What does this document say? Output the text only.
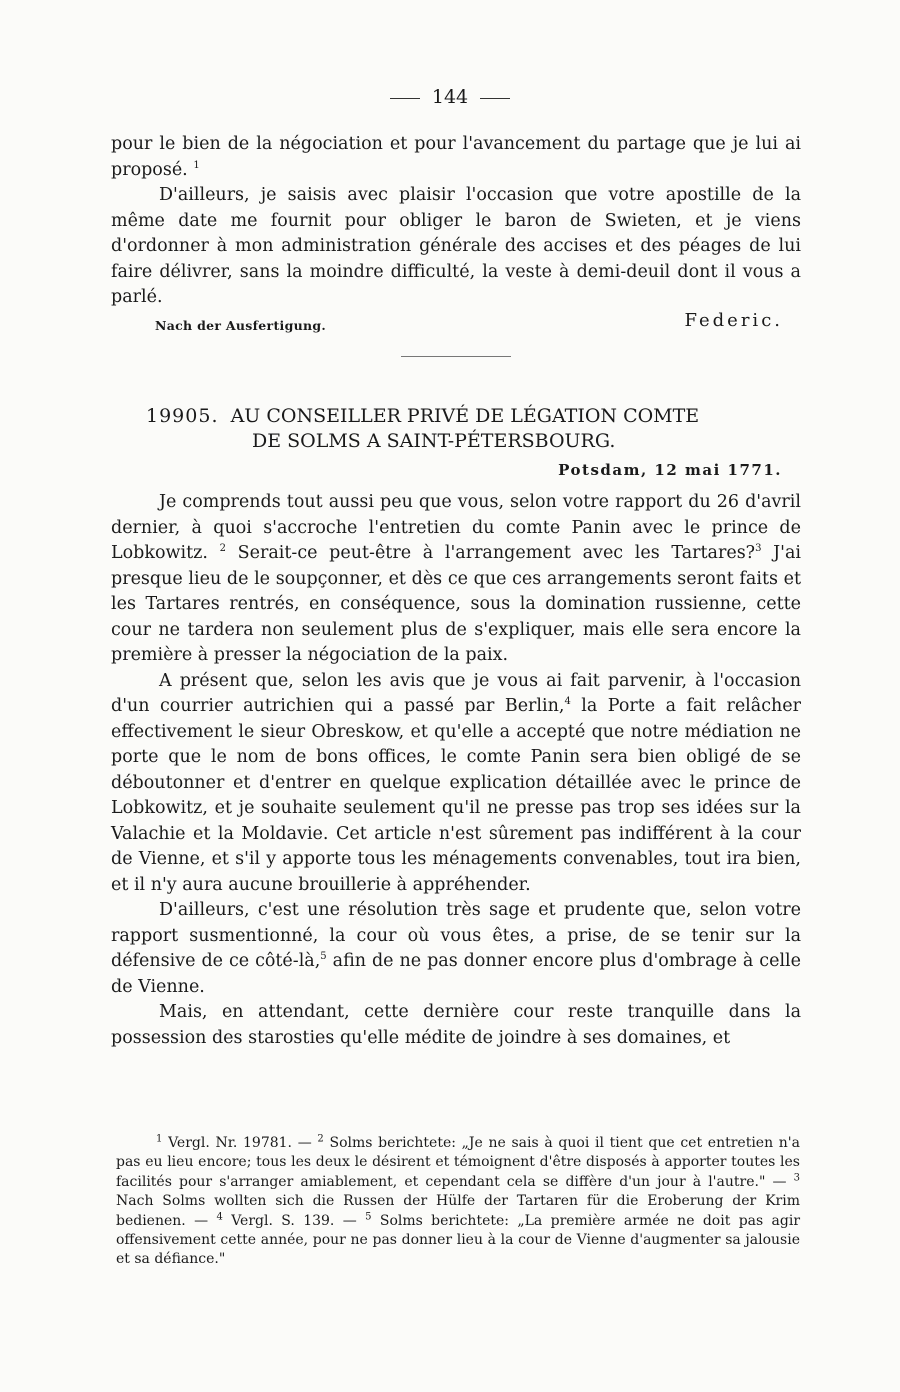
144

pour le bien de la négociation et pour l'avancement du partage que je lui ai proposé. $^1$

D'ailleurs, je saisis avec plaisir l'occasion que votre apostille de la même date me fournit pour obliger le baron de Swieten, et je viens d'ordonner à mon administration générale des accises et des péages de lui faire délivrer, sans la moindre difficulté, la veste à demi-deuil dont il vous a parlé.

Nach der Ausfertigung.	Federic.
19905. AU CONSEILLER PRIVÉ DE LÉGATION COMTE
DE SOLMS A SAINT-PÉTERSBOURG.
Potsdam, 12 mai 1771.

Je comprends tout aussi peu que vous, selon votre rapport du 26 d'avril dernier, à quoi s'accroche l'entretien du comte Panin avec le prince de Lobkowitz. $^2$ Serait-ce peut-être à l'arrangement avec les Tartares?$^3$ J'ai presque lieu de le soupçonner, et dès ce que ces arrangements seront faits et les Tartares rentrés, en conséquence, sous la domination russienne, cette cour ne tardera non seulement plus de s'expliquer, mais elle sera encore la première à presser la négociation de la paix.

A présent que, selon les avis que je vous ai fait parvenir, à l'occasion d'un courrier autrichien qui a passé par Berlin,$^4$ la Porte a fait relâcher effectivement le sieur Obreskow, et qu'elle a accepté que notre médiation ne porte que le nom de bons offices, le comte Panin sera bien obligé de se déboutonner et d'entrer en quelque explication détaillée avec le prince de Lobkowitz, et je souhaite seulement qu'il ne presse pas trop ses idées sur la Valachie et la Moldavie. Cet article n'est sûrement pas indifférent à la cour de Vienne, et s'il y apporte tous les ménagements convenables, tout ira bien, et il n'y aura aucune brouillerie à appréhender.

D'ailleurs, c'est une résolution très sage et prudente que, selon votre rapport susmentionné, la cour où vous êtes, a prise, de se tenir sur la défensive de ce côté-là,$^5$ afin de ne pas donner encore plus d'ombrage à celle de Vienne.

Mais, en attendant, cette dernière cour reste tranquille dans la possession des starosties qu'elle médite de joindre à ses domaines, et

$^1$ Vergl. Nr. 19781. — $^2$ Solms berichtete: „Je ne sais à quoi il tient que cet entretien n'a pas eu lieu encore; tous les deux le désirent et témoignent d'être disposés à apporter toutes les facilités pour s'arranger amiablement, et cependant cela se diffère d'un jour à l'autre." — $^3$ Nach Solms wollten sich die Russen der Hülfe der Tartaren für die Eroberung der Krim bedienen. — $^4$ Vergl. S. 139. — $^5$ Solms berichtete: „La première armée ne doit pas agir offensivement cette année, pour ne pas donner lieu à la cour de Vienne d'augmenter sa jalousie et sa défiance."
